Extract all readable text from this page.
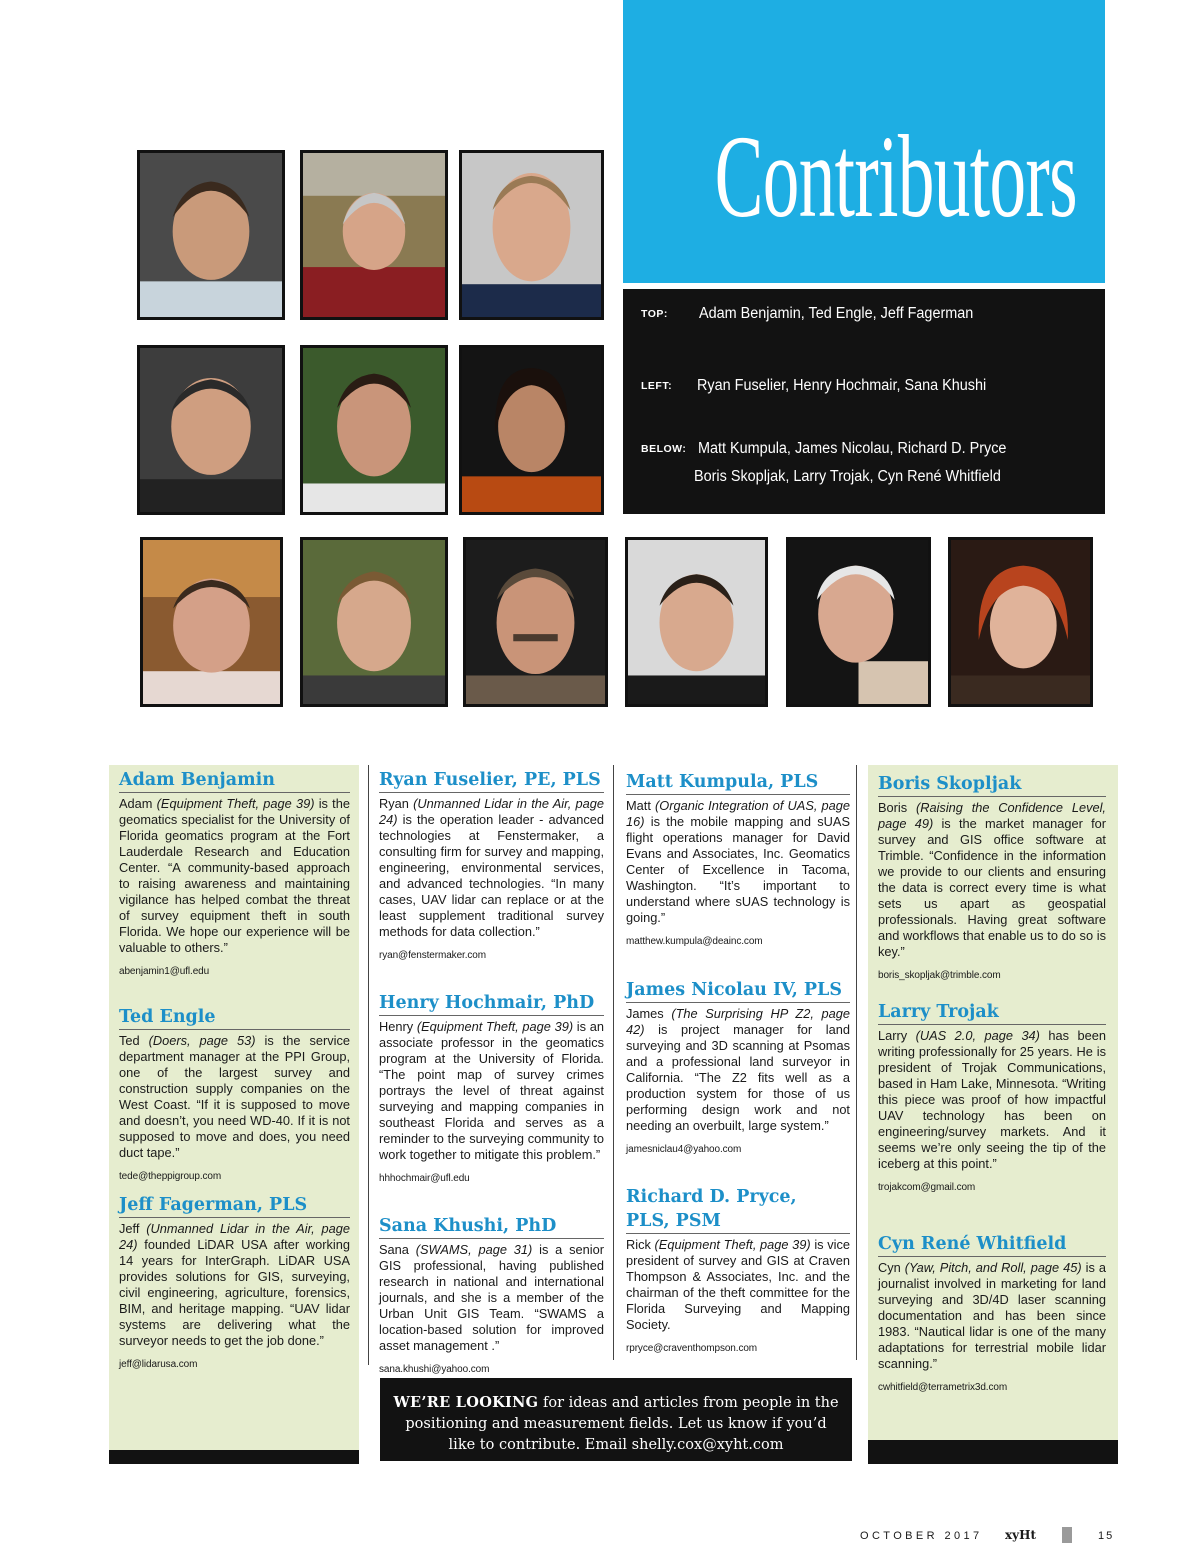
Contributors
TOP: Adam Benjamin, Ted Engle, Jeff Fagerman
LEFT: Ryan Fuselier, Henry Hochmair, Sana Khushi
BELOW: Matt Kumpula, James Nicolau, Richard D. Pryce
Boris Skopljak, Larry Trojak, Cyn René Whitfield
Adam Benjamin
Adam (Equipment Theft, page 39) is the geomatics specialist for the University of Florida geomatics program at the Fort Lauderdale Research and Education Center. “A community-based approach to raising awareness and maintaining vigilance has helped combat the threat of survey equipment theft in south Florida. We hope our experience will be valuable to others.”
abenjamin1@ufl.edu
Ted Engle
Ted (Doers, page 53) is the service department manager at the PPI Group, one of the largest survey and construction supply companies on the West Coast. “If it is supposed to move and doesn’t, you need WD-40. If it is not supposed to move and does, you need duct tape.”
tede@theppigroup.com
Jeff Fagerman, PLS
Jeff (Unmanned Lidar in the Air, page 24) founded LiDAR USA after working 14 years for InterGraph. LiDAR USA provides solutions for GIS, surveying, civil engineering, agriculture, forensics, BIM, and heritage mapping. “UAV lidar systems are delivering what the surveyor needs to get the job done.”
jeff@lidarusa.com
Ryan Fuselier, PE, PLS
Ryan (Unmanned Lidar in the Air, page 24) is the operation leader - advanced technologies at Fenstermaker, a consulting firm for survey and mapping, engineering, environmental services, and advanced technologies. “In many cases, UAV lidar can replace or at the least supplement traditional survey methods for data collection.”
ryan@fenstermaker.com
Henry Hochmair, PhD
Henry (Equipment Theft, page 39) is an associate professor in the geomatics program at the University of Florida. “The point map of survey crimes portrays the level of threat against surveying and mapping companies in southeast Florida and serves as a reminder to the surveying community to work together to mitigate this problem.”
hhhochmair@ufl.edu
Sana Khushi, PhD
Sana (SWAMS, page 31) is a senior GIS professional, having published research in national and international journals, and she is a member of the Urban Unit GIS Team. “SWAMS a location-based solution for improved asset management .”
sana.khushi@yahoo.com
Matt Kumpula, PLS
Matt (Organic Integration of UAS, page 16) is the mobile mapping and sUAS flight operations manager for David Evans and Associates, Inc. Geomatics Center of Excellence in Tacoma, Washington. “It’s important to understand where sUAS technology is going.”
matthew.kumpula@deainc.com
James Nicolau IV, PLS
James (The Surprising HP Z2, page 42) is project manager for land surveying and 3D scanning at Psomas and a professional land surveyor in California. “The Z2 fits well as a production system for those of us performing design work and not needing an overbuilt, large system.”
jamesniclau4@yahoo.com
Richard D. Pryce,
PLS, PSM
Rick (Equipment Theft, page 39) is vice president of survey and GIS at Craven Thompson & Associates, Inc. and the chairman of the theft committee for the Florida Surveying and Mapping Society.
rpryce@craventhompson.com
Boris Skopljak
Boris (Raising the Confidence Level, page 49) is the market manager for survey and GIS office software at Trimble. “Confidence in the information we provide to our clients and ensuring the data is correct every time is what sets us apart as geospatial professionals. Having great software and workflows that enable us to do so is key.”
boris_skopljak@trimble.com
Larry Trojak
Larry (UAS 2.0, page 34) has been writing professionally for 25 years. He is president of Trojak Communications, based in Ham Lake, Minnesota. “Writing this piece was proof of how impactful UAV technology has been on engineering/survey markets. And it seems we’re only seeing the tip of the iceberg at this point.”
trojakcom@gmail.com
Cyn René Whitfield
Cyn (Yaw, Pitch, and Roll, page 45) is a journalist involved in marketing for land surveying and 3D/4D laser scanning documentation and has been since 1983. “Nautical lidar is one of the many adaptations for terrestrial mobile lidar scanning.”
cwhitfield@terrametrix3d.com
WE’RE LOOKING for ideas and articles from people in the
positioning and measurement fields. Let us know if you’d
like to contribute. Email shelly.cox@xyht.com
OCTOBER 2017 xyHt	15
